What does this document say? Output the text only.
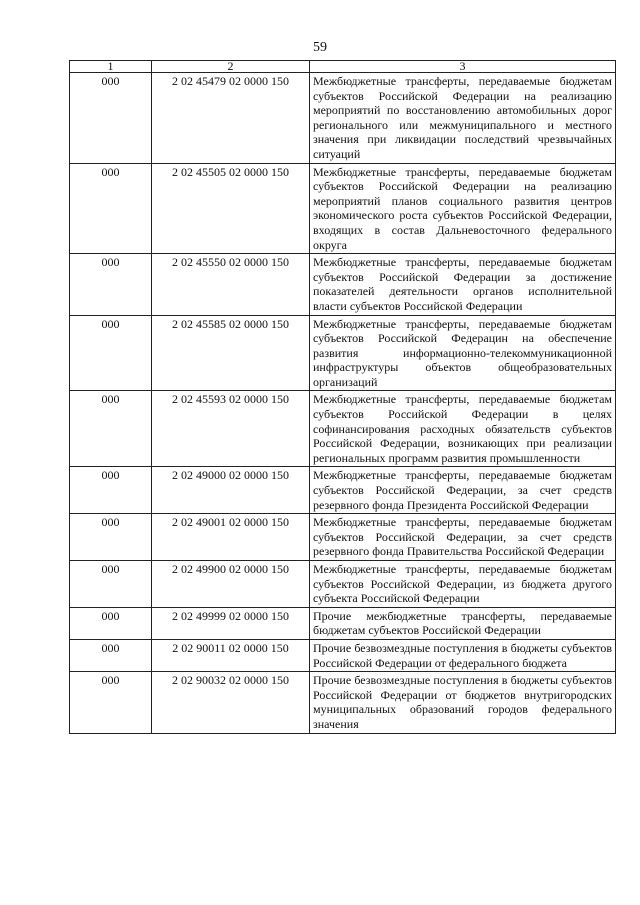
59
1	2	3
000	2 02 45479 02 0000 150	Межбюджетные трансферты, передаваемые бюджетам субъектов Российской Федерации на реализацию мероприятий по восстановлению автомобильных дорог регионального или межмуниципального и местного значения при ликвидации последствий чрезвычайных ситуаций
000	2 02 45505 02 0000 150	Межбюджетные трансферты, передаваемые бюджетам субъектов Российской Федерации на реализацию мероприятий планов социального развития центров экономического роста субъектов Российской Федерации, входящих в состав Дальневосточного федерального округа
000	2 02 45550 02 0000 150	Межбюджетные трансферты, передаваемые бюджетам субъектов Российской Федерации за достижение показателей деятельности органов исполнительной власти субъектов Российской Федерации
000	2 02 45585 02 0000 150	Межбюджетные трансферты, передаваемые бюджетам субъектов Российской Федерацин на обеспечение развития информационно-телекоммуникационной инфраструктуры объектов общеобразовательных организаций
000	2 02 45593 02 0000 150	Межбюджетные трансферты, передаваемые бюджетам субъектов Российской Федерации в целях софинансирования расходных обязательств субъектов Российской Федерации, возникающих при реализации региональных программ развития промышленности
000	2 02 49000 02 0000 150	Межбюджетные трансферты, передаваемые бюджетам субъектов Российской Федерации, за счет средств резервного фонда Президента Российской Федерации
000	2 02 49001 02 0000 150	Межбюджетные трансферты, передаваемые бюджетам субъектов Российской Федерации, за счет средств резервного фонда Правительства Российской Федерации
000	2 02 49900 02 0000 150	Межбюджетные трансферты, передаваемые бюджетам субъектов Российской Федерации, из бюджета другого субъекта Российской Федерации
000	2 02 49999 02 0000 150	Прочие межбюджетные трансферты, передаваемые бюджетам субъектов Российской Федерации
000	2 02 90011 02 0000 150	Прочие безвозмездные поступления в бюджеты субъектов Российской Федерации от федерального бюджета
000	2 02 90032 02 0000 150	Прочие безвозмездные поступления в бюджеты субъектов Российской Федерации от бюджетов внутригородских муниципальных образований городов федерального значения
